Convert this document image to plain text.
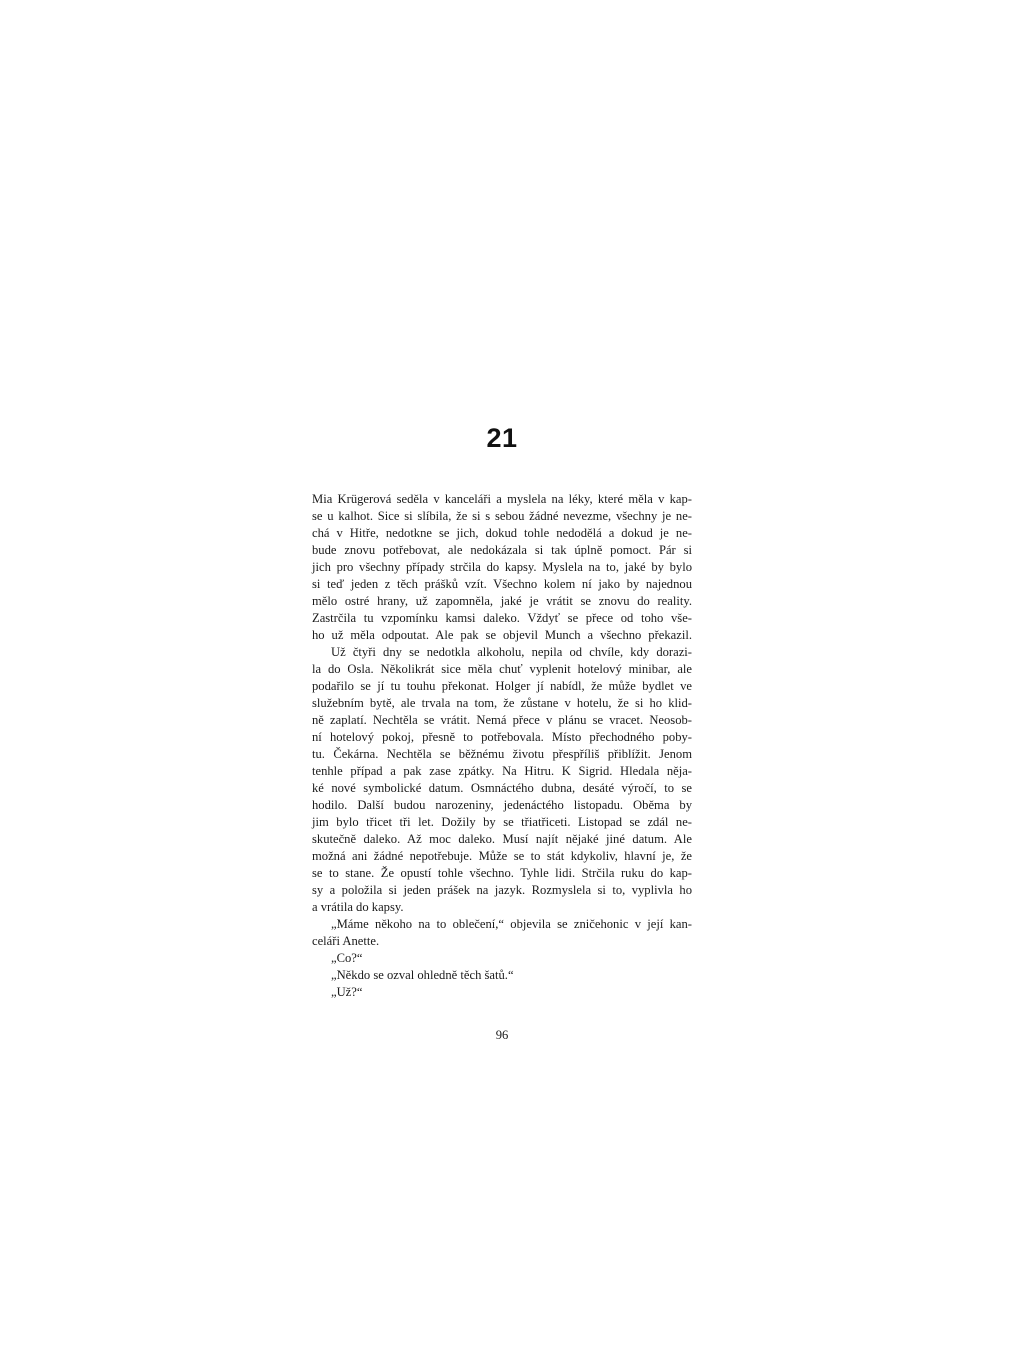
21
Mia Krügerová seděla v kanceláři a myslela na léky, které měla v kap-
se u kalhot. Sice si slíbila, že si s sebou žádné nevezme, všechny je ne-
chá v Hitře, nedotkne se jich, dokud tohle nedodělá a dokud je ne-
bude znovu potřebovat, ale nedokázala si tak úplně pomoct. Pár si
jich pro všechny případy strčila do kapsy. Myslela na to, jaké by bylo
si teď jeden z těch prášků vzít. Všechno kolem ní jako by najednou
mělo ostré hrany, už zapomněla, jaké je vrátit se znovu do reality.
Zastrčila tu vzpomínku kamsi daleko. Vždyť se přece od toho vše-
ho už měla odpoutat. Ale pak se objevil Munch a všechno překazil.
Už čtyři dny se nedotkla alkoholu, nepila od chvíle, kdy dorazi-
la do Osla. Několikrát sice měla chuť vyplenit hotelový minibar, ale
podařilo se jí tu touhu překonat. Holger jí nabídl, že může bydlet ve
služebním bytě, ale trvala na tom, že zůstane v hotelu, že si ho klid-
ně zaplatí. Nechtěla se vrátit. Nemá přece v plánu se vracet. Neosob-
ní hotelový pokoj, přesně to potřebovala. Místo přechodného poby-
tu. Čekárna. Nechtěla se běžnému životu přespříliš přiblížit. Jenom
tenhle případ a pak zase zpátky. Na Hitru. K Sigrid. Hledala něja-
ké nové symbolické datum. Osmnáctého dubna, desáté výročí, to se
hodilo. Další budou narozeniny, jedenáctého listopadu. Oběma by
jim bylo třicet tři let. Dožily by se třiatřiceti. Listopad se zdál ne-
skutečně daleko. Až moc daleko. Musí najít nějaké jiné datum. Ale
možná ani žádné nepotřebuje. Může se to stát kdykoliv, hlavní je, že
se to stane. Že opustí tohle všechno. Tyhle lidi. Strčila ruku do kap-
sy a položila si jeden prášek na jazyk. Rozmyslela si to, vyplivla ho
a vrátila do kapsy.
„Máme někoho na to oblečení,“ objevila se zničehonic v její kan-
celáři Anette.
„Co?“
„Někdo se ozval ohledně těch šatů.“
„Už?“
96
